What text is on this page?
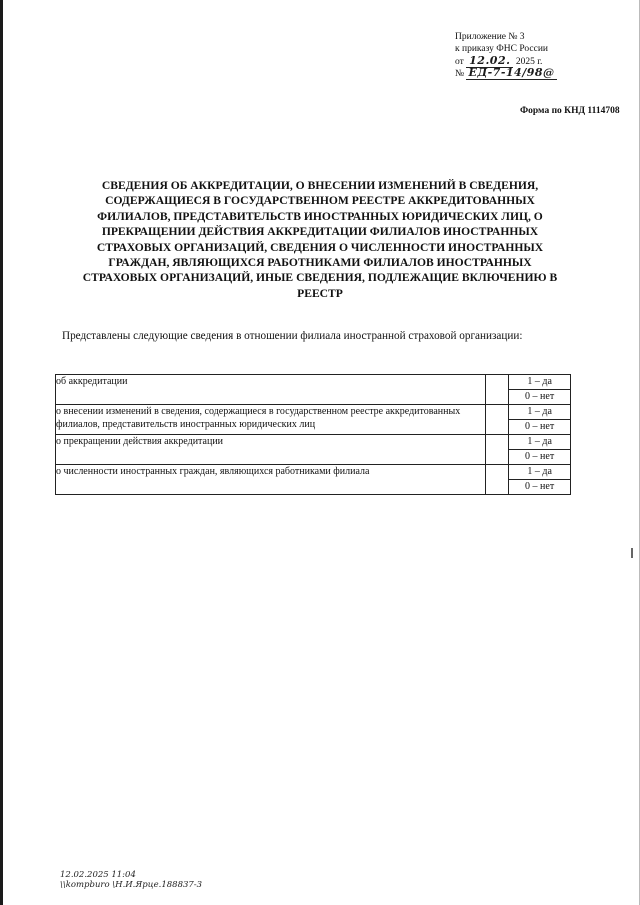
Приложение № 3
к приказу ФНС России
от 12.02. 2025 г.
№ ЕД-7-14/98@
Форма по КНД 1114708
СВЕДЕНИЯ ОБ АККРЕДИТАЦИИ, О ВНЕСЕНИИ ИЗМЕНЕНИЙ В СВЕДЕНИЯ, СОДЕРЖАЩИЕСЯ В ГОСУДАРСТВЕННОМ РЕЕСТРЕ АККРЕДИТОВАННЫХ ФИЛИАЛОВ, ПРЕДСТАВИТЕЛЬСТВ ИНОСТРАННЫХ ЮРИДИЧЕСКИХ ЛИЦ, О ПРЕКРАЩЕНИИ ДЕЙСТВИЯ АККРЕДИТАЦИИ ФИЛИАЛОВ ИНОСТРАННЫХ СТРАХОВЫХ ОРГАНИЗАЦИЙ, СВЕДЕНИЯ О ЧИСЛЕННОСТИ ИНОСТРАННЫХ ГРАЖДАН, ЯВЛЯЮЩИХСЯ РАБОТНИКАМИ ФИЛИАЛОВ ИНОСТРАННЫХ СТРАХОВЫХ ОРГАНИЗАЦИЙ, ИНЫЕ СВЕДЕНИЯ, ПОДЛЕЖАЩИЕ ВКЛЮЧЕНИЮ В РЕЕСТР
Представлены следующие сведения в отношении филиала иностранной страховой организации:
об аккредитации		1 – да
		0 – нет
о внесении изменений в сведения, содержащиеся в государственном реестре аккредитованных филиалов, представительств иностранных юридических лиц		1 – да
		0 – нет
о прекращении действия аккредитации		1 – да
		0 – нет
о численности иностранных граждан, являющихся работниками филиала		1 – да
		0 – нет
12.02.2025 11:04
\\kompburo \Н.И.Ярце.188837-3
